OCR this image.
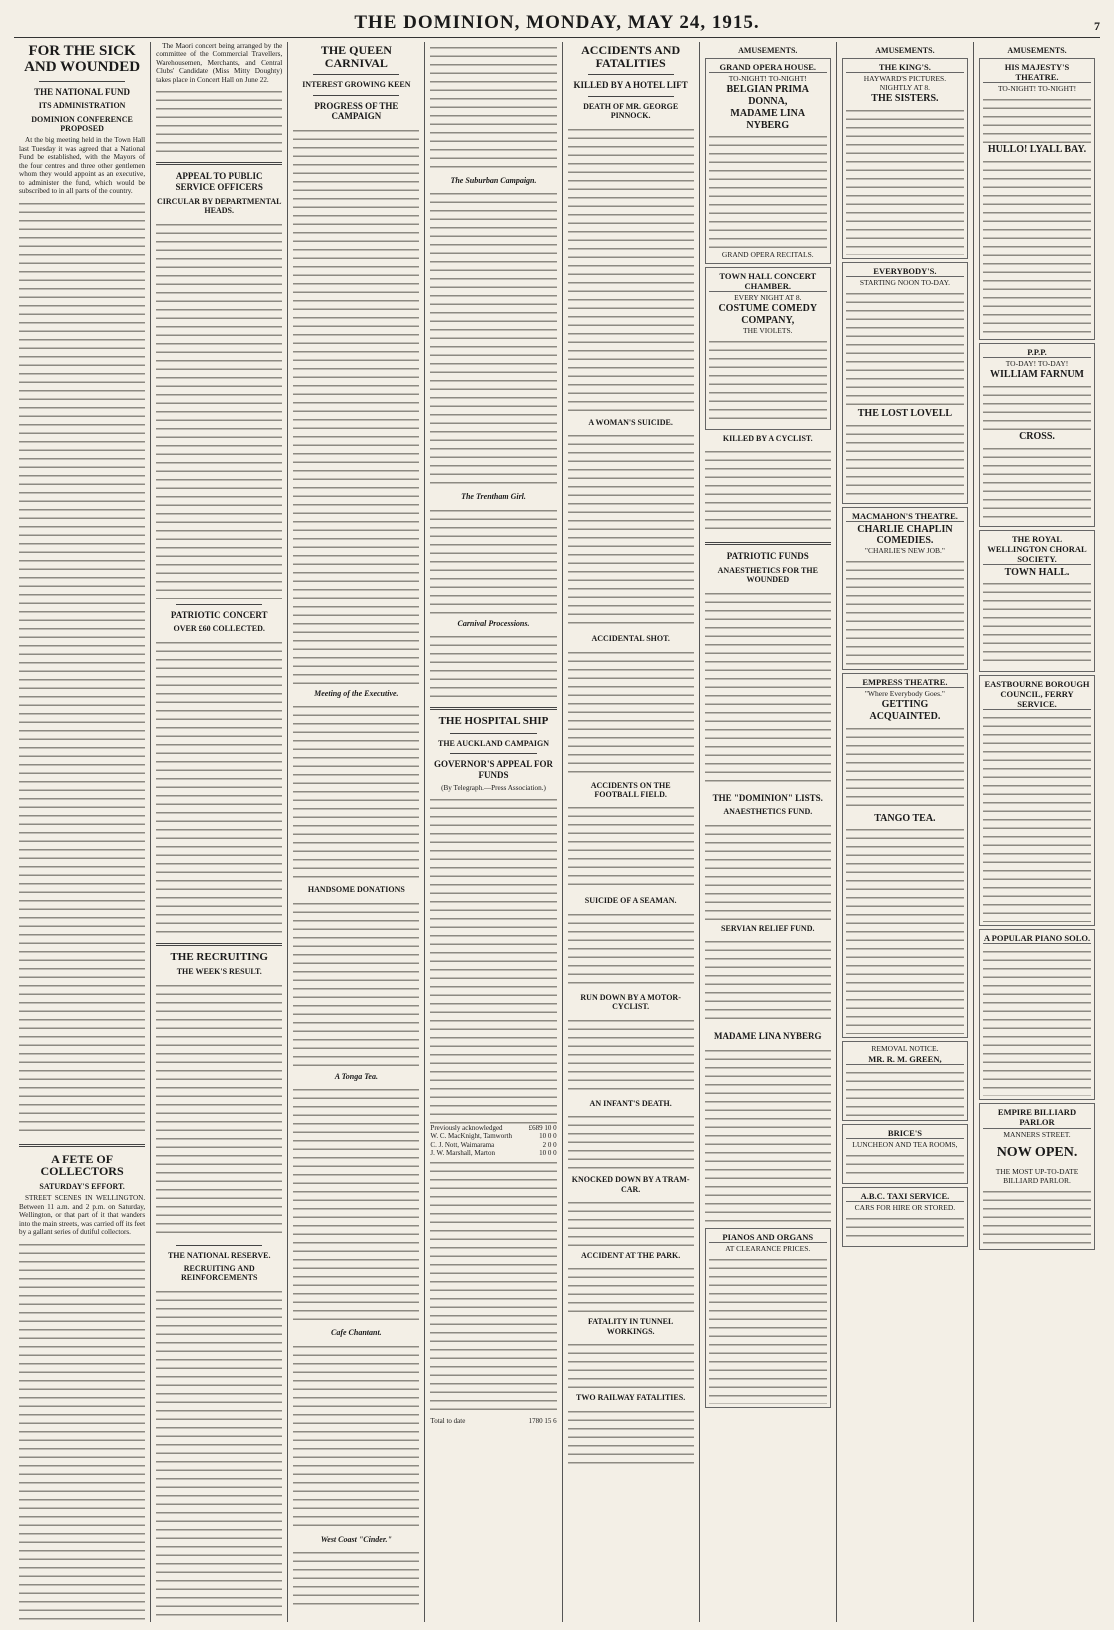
THE DOMINION, MONDAY, MAY 24, 1915.	7
FOR THE SICK AND WOUNDED
THE NATIONAL FUND
ITS ADMINISTRATION
DOMINION CONFERENCE PROPOSED

At the big meeting held in the Town Hall last Tuesday it was agreed that a National Fund be established, with the Mayors of the four centres and three other gentlemen whom they would appoint as an executive, to administer the fund, which would be subscribed to in all parts of the country.

A FETE OF COLLECTORS
SATURDAY'S EFFORT.

STREET SCENES IN WELLINGTON. Between 11 a.m. and 2 p.m. on Saturday, Wellington, or that part of it that wanders into the main streets, was carried off its feet by a gallant series of dutiful collectors.

The Maori concert being arranged by the committee of the Commercial Travellers, Warehousemen, Merchants, and Central Clubs' Candidate (Miss Mitty Doughty) takes place in Concert Hall on June 22.

APPEAL TO PUBLIC SERVICE OFFICERS
CIRCULAR BY DEPARTMENTAL HEADS.
PATRIOTIC CONCERT
OVER £60 COLLECTED.
THE RECRUITING
THE WEEK'S RESULT.
THE NATIONAL RESERVE.
RECRUITING AND REINFORCEMENTS
THE QUEEN CARNIVAL
INTEREST GROWING KEEN
PROGRESS OF THE CAMPAIGN
Meeting of the Executive.
HANDSOME DONATIONS
A Tonga Tea.
Cafe Chantant.
West Coast "Cinder."
The Suburban Campaign.
The Trentham Girl.
Carnival Processions.
THE HOSPITAL SHIP
THE AUCKLAND CAMPAIGN
GOVERNOR'S APPEAL FOR FUNDS

(By Telegraph.—Press Association.)

Previously acknowledged	£689 10 0
W. C. MacKnight, Tamworth	10 0 0
C. J. Nott, Waimarama	2 0 0
J. W. Marshall, Marton	10 0 0
Total to date	1780 15 6
ACCIDENTS AND FATALITIES
KILLED BY A HOTEL LIFT
DEATH OF MR. GEORGE PINNOCK.
A WOMAN'S SUICIDE.
ACCIDENTAL SHOT.
ACCIDENTS ON THE FOOTBALL FIELD.
SUICIDE OF A SEAMAN.
RUN DOWN BY A MOTOR-CYCLIST.
AN INFANT'S DEATH.
KNOCKED DOWN BY A TRAM-CAR.
ACCIDENT AT THE PARK.
FATALITY IN TUNNEL WORKINGS.
TWO RAILWAY FATALITIES.
AMUSEMENTS.
GRAND OPERA HOUSE.
TO-NIGHT! TO-NIGHT!
BELGIAN PRIMA DONNA,
MADAME LINA NYBERG
GRAND OPERA RECITALS.
TOWN HALL CONCERT CHAMBER.
EVERY NIGHT AT 8.
COSTUME COMEDY COMPANY,
THE VIOLETS.
KILLED BY A CYCLIST.
PATRIOTIC FUNDS
ANAESTHETICS FOR THE WOUNDED
THE "DOMINION" LISTS.
ANAESTHETICS FUND.
SERVIAN RELIEF FUND.
MADAME LINA NYBERG
PIANOS AND ORGANS
AT CLEARANCE PRICES.
AMUSEMENTS.
THE KING'S.
HAYWARD'S PICTURES.
NIGHTLY AT 8.
THE SISTERS.
EVERYBODY'S.
STARTING NOON TO-DAY.
THE LOST LOVELL
MACMAHON'S THEATRE.
CHARLIE CHAPLIN COMEDIES.
"CHARLIE'S NEW JOB."
EMPRESS THEATRE.
"Where Everybody Goes."
GETTING ACQUAINTED.
TANGO TEA.
REMOVAL NOTICE.
MR. R. M. GREEN,
BRICE'S
LUNCHEON AND TEA ROOMS,
A.B.C. TAXI SERVICE.
CARS FOR HIRE OR STORED.
AMUSEMENTS.
HIS MAJESTY'S THEATRE.
TO-NIGHT! TO-NIGHT!
HULLO! LYALL BAY.
P.P.P.
TO-DAY! TO-DAY!
WILLIAM FARNUM
CROSS.
THE ROYAL WELLINGTON CHORAL SOCIETY.
TOWN HALL.
EASTBOURNE BOROUGH COUNCIL, FERRY SERVICE.
A POPULAR PIANO SOLO.
EMPIRE BILLIARD PARLOR
MANNERS STREET.
NOW OPEN.
THE MOST UP-TO-DATE BILLIARD PARLOR.
